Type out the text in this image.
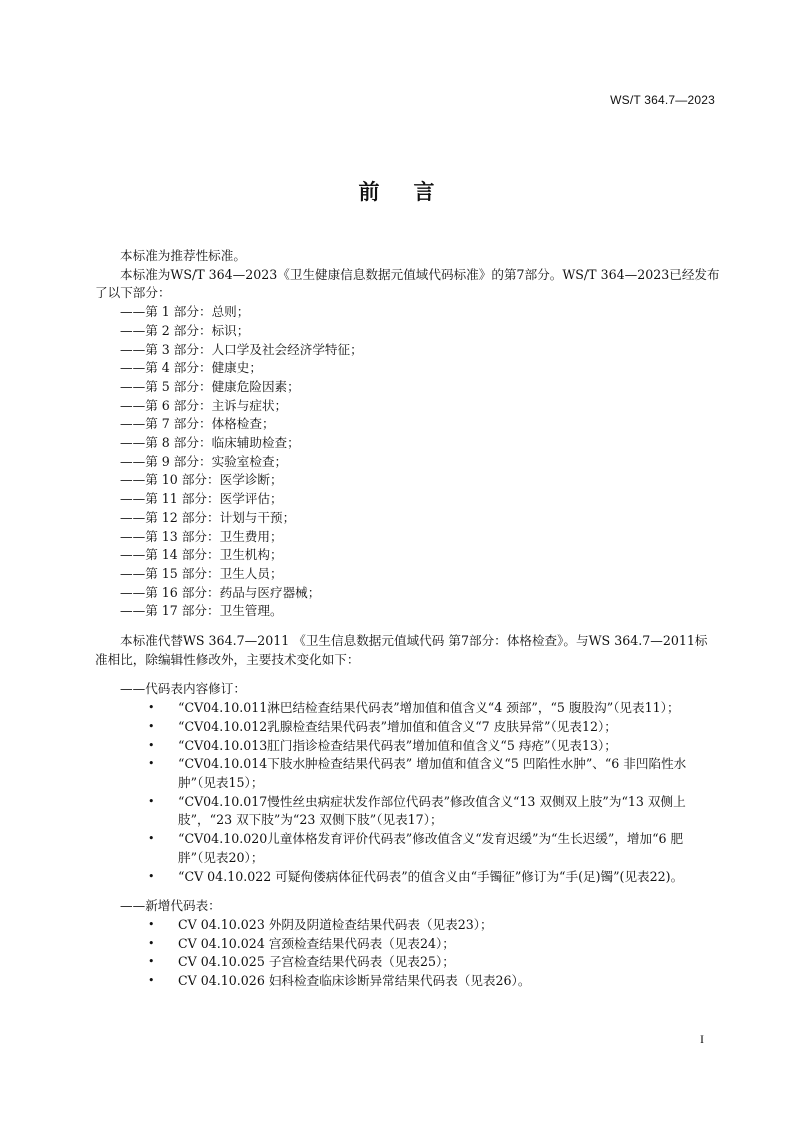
WS/T 364.7—2023
前言

本标准为推荐性标准。

本标准为WS/T 364—2023《卫生健康信息数据元值域代码标准》的第7部分。WS/T 364—2023已经发布了以下部分：

——第 1 部分：总则；
——第 2 部分：标识；
——第 3 部分：人口学及社会经济学特征；
——第 4 部分：健康史；
——第 5 部分：健康危险因素；
——第 6 部分：主诉与症状；
——第 7 部分：体格检查；
——第 8 部分：临床辅助检查；
——第 9 部分：实验室检查；
——第 10 部分：医学诊断；
——第 11 部分：医学评估；
——第 12 部分：计划与干预；
——第 13 部分：卫生费用；
——第 14 部分：卫生机构；
——第 15 部分：卫生人员；
——第 16 部分：药品与医疗器械；
——第 17 部分：卫生管理。

本标准代替WS 364.7—2011 《卫生信息数据元值域代码 第7部分：体格检查》。与WS 364.7—2011标准相比，除编辑性修改外，主要技术变化如下：

——代码表内容修订：

• “CV04.10.011淋巴结检查结果代码表”增加值和值含义“4 颈部”，“5 腹股沟”（见表11）；
• “CV04.10.012乳腺检查结果代码表”增加值和值含义“7 皮肤异常”（见表12）；
• “CV04.10.013肛门指诊检查结果代码表”增加值和值含义“5 痔疮”（见表13）；
• “CV04.10.014下肢水肿检查结果代码表” 增加值和值含义“5 凹陷性水肿”、“6 非凹陷性水肿”（见表15）；
• “CV04.10.017慢性丝虫病症状发作部位代码表”修改值含义“13 双侧双上肢”为“13 双侧上肢”，“23 双下肢”为“23 双侧下肢”（见表17）；
• “CV04.10.020儿童体格发育评价代码表”修改值含义“发育迟缓”为“生长迟缓”，增加“6 肥胖”（见表20）；
• “CV 04.10.022 可疑佝偻病体征代码表”的值含义由“手镯征”修订为“手(足)镯”(见表22)。

——新增代码表：

• CV 04.10.023 外阴及阴道检查结果代码表（见表23）；
• CV 04.10.024 宫颈检查结果代码表（见表24）；
• CV 04.10.025 子宫检查结果代码表（见表25）；
• CV 04.10.026 妇科检查临床诊断异常结果代码表（见表26）。
I
